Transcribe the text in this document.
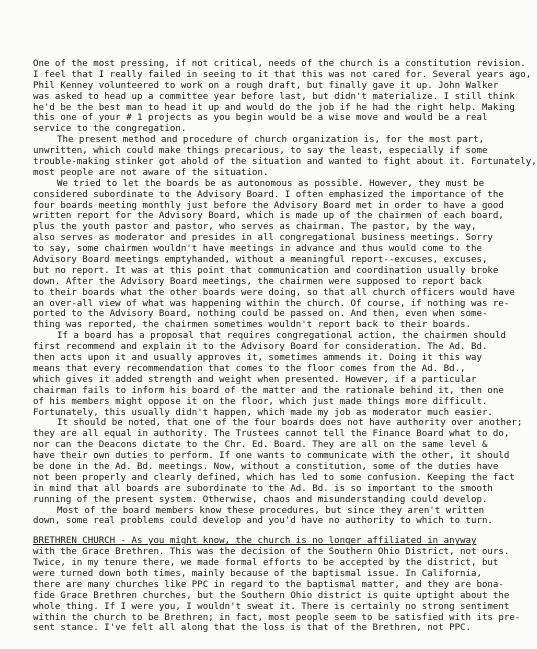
One of the most pressing, if not critical, needs of the church is a constitution revision.
I feel that I really failed in seeing to it that this was not cared for. Several years ago,
Phil Kenney volunteered to work on a rough draft, but finally gave it up. John Walker
was asked to head up a committee year before last, but didn't materialize. I still think
he'd be the best man to head it up and would do the job if he had the right help. Making
this one of your # 1 projects as you begin would be a wise move and would be a real
service to the congregation.
The present method and procedure of church organization is, for the most part,
unwritten, which could make things precarious, to say the least, especially if some
trouble-making stinker got ahold of the situation and wanted to fight about it. Fortunately,
most people are not aware of the situation.
We tried to let the boards be as autonomous as possible. However, they must be
considered subordinate to the Advisory Board. I often emphasized the importance of the
four boards meeting monthly just before the Advisory Board met in order to have a good
written report for the Advisory Board, which is made up of the chairmen of each board,
plus the youth pastor and pastor, who serves as chairman. The pastor, by the way,
also serves as moderator and presides in all congregational business meetings. Sorry
to say, some chairmen wouldn't have meetings in advance and thus would come to the
Advisory Board meetings emptyhanded, without a meaningful report--excuses, excuses,
but no report. It was at this point that communication and coordination usually broke
down. After the Advisory Board meetings, the chairmen were supposed to report back
to their boards what the other boards were doing, so that all church officers would have
an over-all view of what was happening within the church. Of course, if nothing was re-
ported to the Advisory Board, nothing could be passed on. And then, even when some-
thing was reported, the chairmen sometimes wouldn't report back to their boards.
If a board has a proposal that requires congregational action, the chairmen should
first recommend and explain it to the Advisory Board for consideration. The Ad. Bd.
then acts upon it and usually approves it, sometimes ammends it. Doing it this way
means that every recommendation that comes to the floor comes from the Ad. Bd.,
which gives it added strength and weight when presented. However, if a particular
chairman fails to inform his board of the matter and the rationale behind it, then one
of his members might oppose it on the floor, which just made things more difficult.
Fortunately, this usually didn't happen, which made my job as moderator much easier.
It should be noted, that one of the four boards does not have authority over another;
they are all equal in authority. The Trustees cannot tell the Finance Board what to do,
nor can the Deacons dictate to the Chr. Ed. Board. They are all on the same level &
have their own duties to perform. If one wants to communicate with the other, it should
be done in the Ad. Bd. meetings. Now, without a constitution, some of the duties have
not been properly and clearly defined, which has led to some confusion. Keeping the fact
in mind that all boards are subordinate to the Ad. Bd. is so important to the smooth
running of the present system. Otherwise, chaos and misunderstanding could develop.
Most of the board members know these procedures, but since they aren't written
down, some real problems could develop and you'd have no authority to which to turn.
BRETHREN CHURCH - As you might know, the church is no longer affiliated in anyway
with the Grace Brethren. This was the decision of the Southern Ohio District, not ours.
Twice, in my tenure there, we made formal efforts to be accepted by the district, but
were turned down both times, mainly because of the baptismal issue. In California,
there are many churches like PPC in regard to the baptismal matter, and they are bona-
fide Grace Brethren churches, but the Southern Ohio district is quite uptight about the
whole thing. If I were you, I wouldn't sweat it. There is certainly no strong sentiment
within the church to be Brethren; in fact, most people seem to be satisfied with its pre-
sent stance. I've felt all along that the loss is that of the Brethren, not PPC.
